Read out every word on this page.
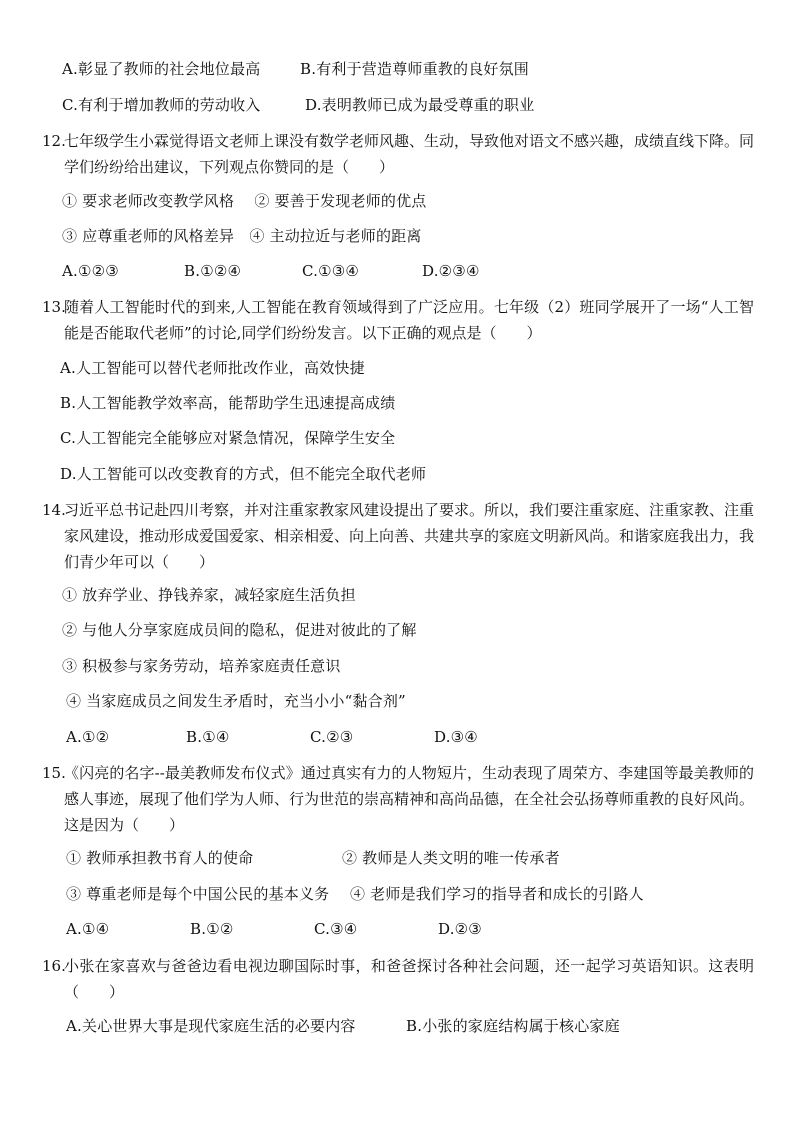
A.彰显了教师的社会地位最高	B.有利于营造尊师重教的良好氛围
C.有利于增加教师的劳动收入	D.表明教师已成为最受尊重的职业
12.
七年级学生小霖觉得语文老师上课没有数学老师风趣、生动，导致他对语文不感兴趣，成绩直线下降。同学们纷纷给出建议，下列观点你赞同的是（　　）
① 要求老师改变教学风格　 ② 要善于发现老师的优点
③ 应尊重老师的风格差异　④ 主动拉近与老师的距离
A.①②③	B.①②④	C.①③④	D.②③④
13.
随着人工智能时代的到来,人工智能在教育领域得到了广泛应用。七年级（2）班同学展开了一场“人工智能是否能取代老师”的讨论,同学们纷纷发言。以下正确的观点是（　　）
A.人工智能可以替代老师批改作业，高效快捷
B.人工智能教学效率高，能帮助学生迅速提高成绩
C.人工智能完全能够应对紧急情况，保障学生安全
D.人工智能可以改变教育的方式，但不能完全取代老师
14.
习近平总书记赴四川考察，并对注重家教家风建设提出了要求。所以，我们要注重家庭、注重家教、注重家风建设，推动形成爱国爱家、相亲相爱、向上向善、共建共享的家庭文明新风尚。和谐家庭我出力，我们青少年可以（　　）
① 放弃学业、挣钱养家，减轻家庭生活负担
② 与他人分享家庭成员间的隐私，促进对彼此的了解
③ 积极参与家务劳动，培养家庭责任意识
④ 当家庭成员之间发生矛盾时，充当小小“黏合剂”
A.①②	B.①④	C.②③	D.③④
15.
《闪亮的名字--最美教师发布仪式》通过真实有力的人物短片，生动表现了周荣方、李建国等最美教师的感人事迹，展现了他们学为人师、行为世范的崇高精神和高尚品德，在全社会弘扬尊师重教的良好风尚。这是因为（　　）
① 教师承担教书育人的使命	② 教师是人类文明的唯一传承者
③ 尊重老师是每个中国公民的基本义务 ④ 老师是我们学习的指导者和成长的引路人
A.①④	B.①②	C.③④	D.②③
16.
小张在家喜欢与爸爸边看电视边聊国际时事，和爸爸探讨各种社会问题，还一起学习英语知识。这表明（　　）
A.关心世界大事是现代家庭生活的必要内容	B.小张的家庭结构属于核心家庭
